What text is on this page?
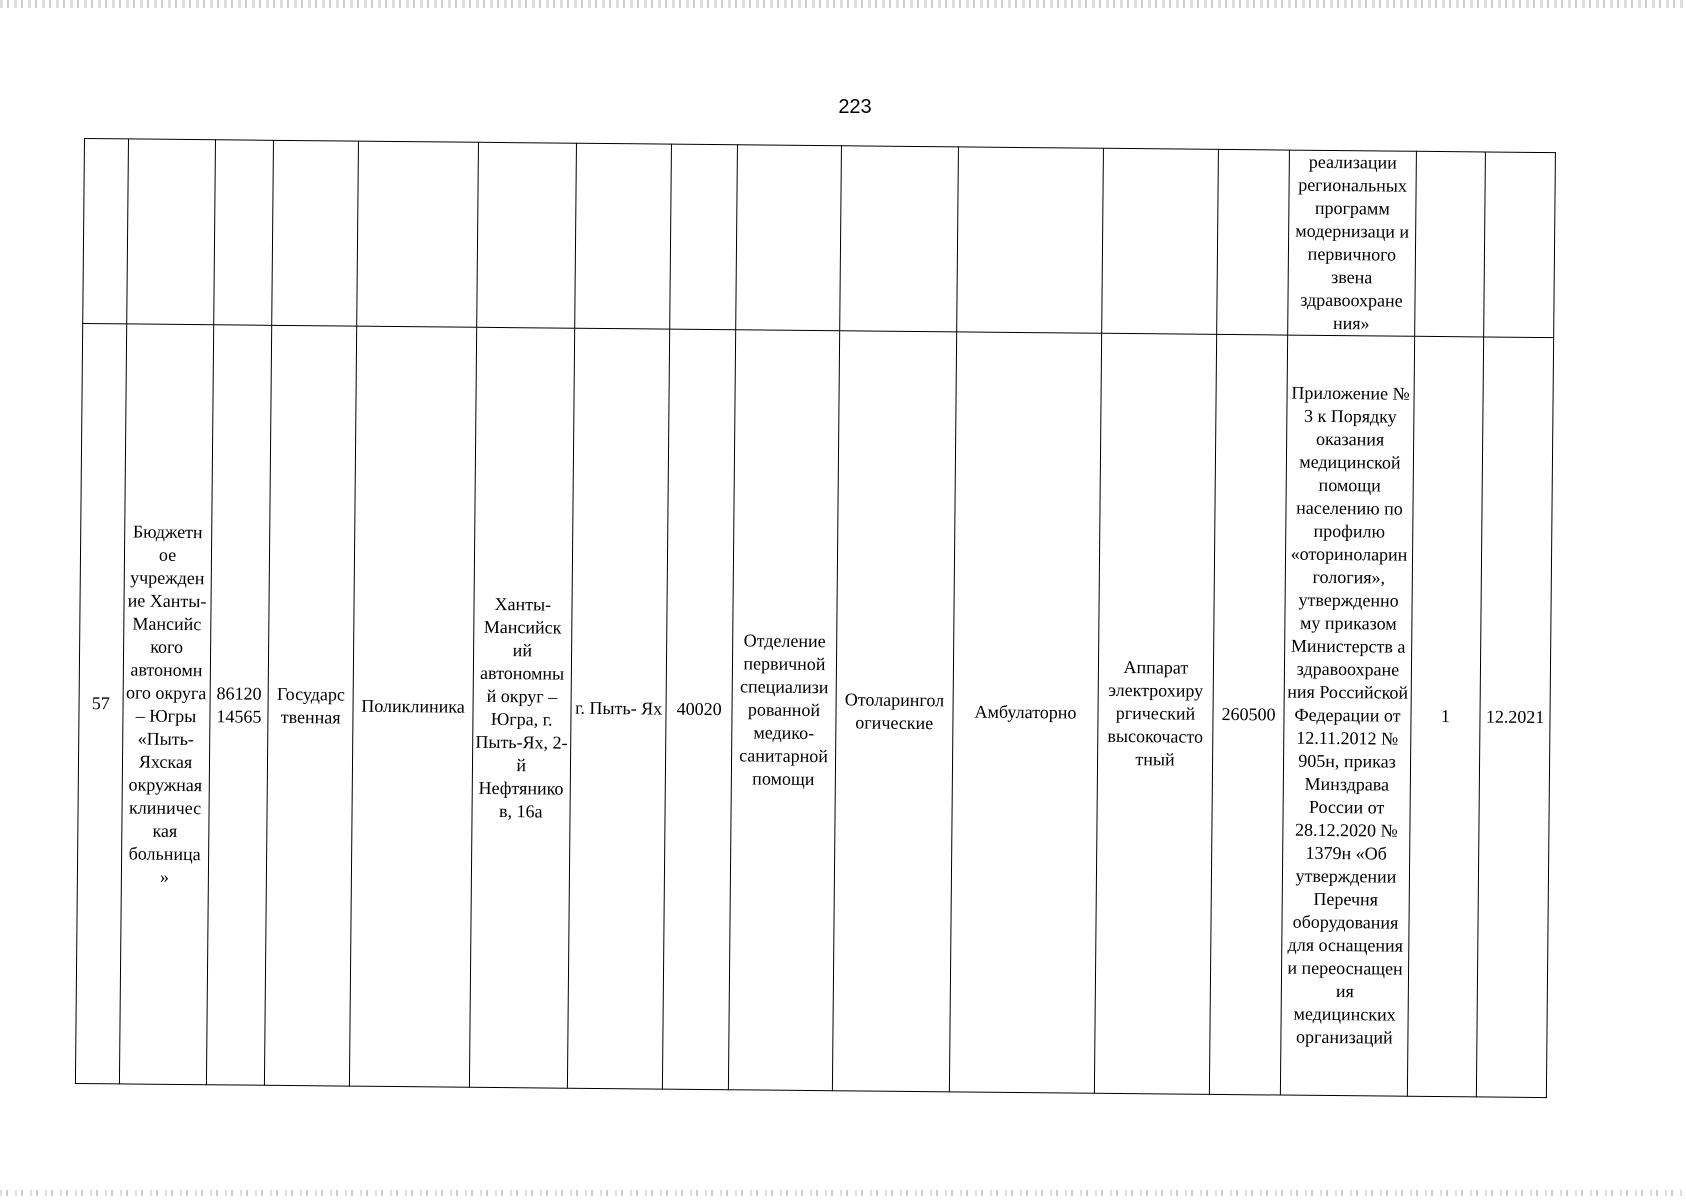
223
													реализации региональных программ модернизаци и первичного звена здравоохране ния»		
57	Бюджетн ое учрежден ие Ханты- Мансийс кого автономн ого округа – Югры «Пыть- Яхская окружная клиничес кая больница »	86120 14565	Государс твенная	Поликлиника	Ханты- Мансийск ий автономны й округ – Югра, г. Пыть-Ях, 2-й Нефтянико в, 16а	г. Пыть- Ях	40020	Отделение первичной специализи рованной медико- санитарной помощи	Отоларингол огические	Амбулаторно	Аппарат электрохиру ргический высокочасто тный	260500	Приложение № 3 к Порядку оказания медицинской помощи населению по профилю «оториноларингология», утвержденно му приказом Министерств а здравоохране ния Российской Федерации от 12.11.2012 № 905н, приказ Минздрава России от 28.12.2020 № 1379н «Об утверждении Перечня оборудования для оснащения и переоснащен ия медицинских организаций	1	12.2021
